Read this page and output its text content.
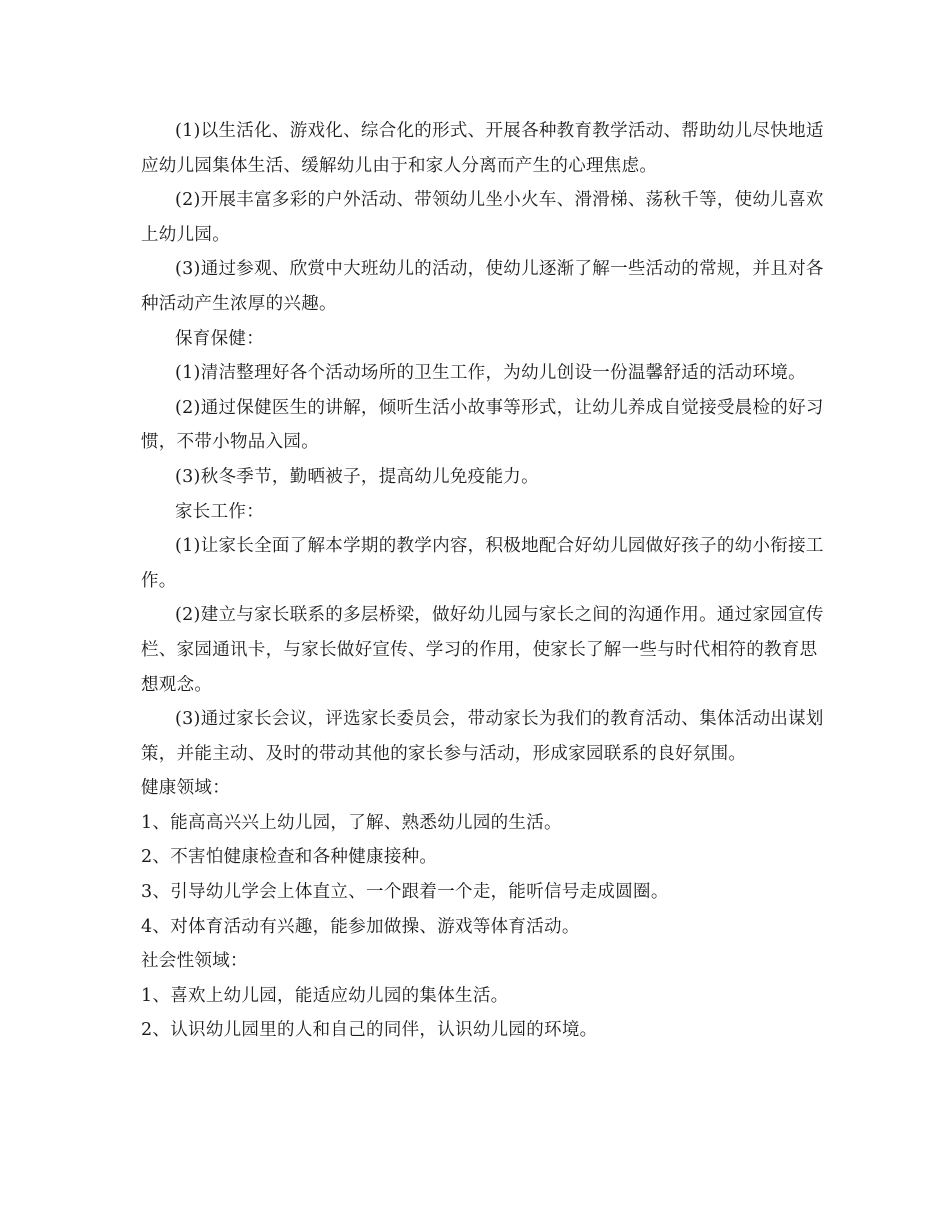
(1)以生活化、游戏化、综合化的形式、开展各种教育教学活动、帮助幼儿尽快地适应幼儿园集体生活、缓解幼儿由于和家人分离而产生的心理焦虑。

(2)开展丰富多彩的户外活动、带领幼儿坐小火车、滑滑梯、荡秋千等，使幼儿喜欢上幼儿园。

(3)通过参观、欣赏中大班幼儿的活动，使幼儿逐渐了解一些活动的常规，并且对各种活动产生浓厚的兴趣。

保育保健：

(1)清洁整理好各个活动场所的卫生工作，为幼儿创设一份温馨舒适的活动环境。

(2)通过保健医生的讲解，倾听生活小故事等形式，让幼儿养成自觉接受晨检的好习惯，不带小物品入园。

(3)秋冬季节，勤晒被子，提高幼儿免疫能力。

家长工作：

(1)让家长全面了解本学期的教学内容，积极地配合好幼儿园做好孩子的幼小衔接工作。

(2)建立与家长联系的多层桥梁，做好幼儿园与家长之间的沟通作用。通过家园宣传栏、家园通讯卡，与家长做好宣传、学习的作用，使家长了解一些与时代相符的教育思想观念。

(3)通过家长会议，评选家长委员会，带动家长为我们的教育活动、集体活动出谋划策，并能主动、及时的带动其他的家长参与活动，形成家园联系的良好氛围。

健康领域：

1、能高高兴兴上幼儿园，了解、熟悉幼儿园的生活。

2、不害怕健康检查和各种健康接种。

3、引导幼儿学会上体直立、一个跟着一个走，能听信号走成圆圈。

4、对体育活动有兴趣，能参加做操、游戏等体育活动。

社会性领域：

1、喜欢上幼儿园，能适应幼儿园的集体生活。

2、认识幼儿园里的人和自己的同伴，认识幼儿园的环境。
